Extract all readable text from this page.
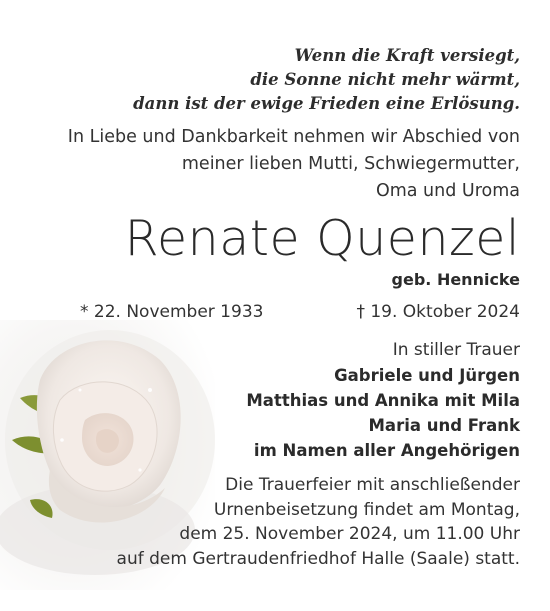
Wenn die Kraft versiegt,
die Sonne nicht mehr wärmt,
dann ist der ewige Frieden eine Erlösung.
In Liebe und Dankbarkeit nehmen wir Abschied von
meiner lieben Mutti, Schwiegermutter,
Oma und Uroma
Renate Quenzel
geb. Hennicke
* 22. November 1933	† 19. Oktober 2024
In stiller Trauer
Gabriele und Jürgen
Matthias und Annika mit Mila
Maria und Frank
im Namen aller Angehörigen
Die Trauerfeier mit anschließender
Urnenbeisetzung findet am Montag,
dem 25. November 2024, um 11.00 Uhr
auf dem Gertraudenfriedhof Halle (Saale) statt.
